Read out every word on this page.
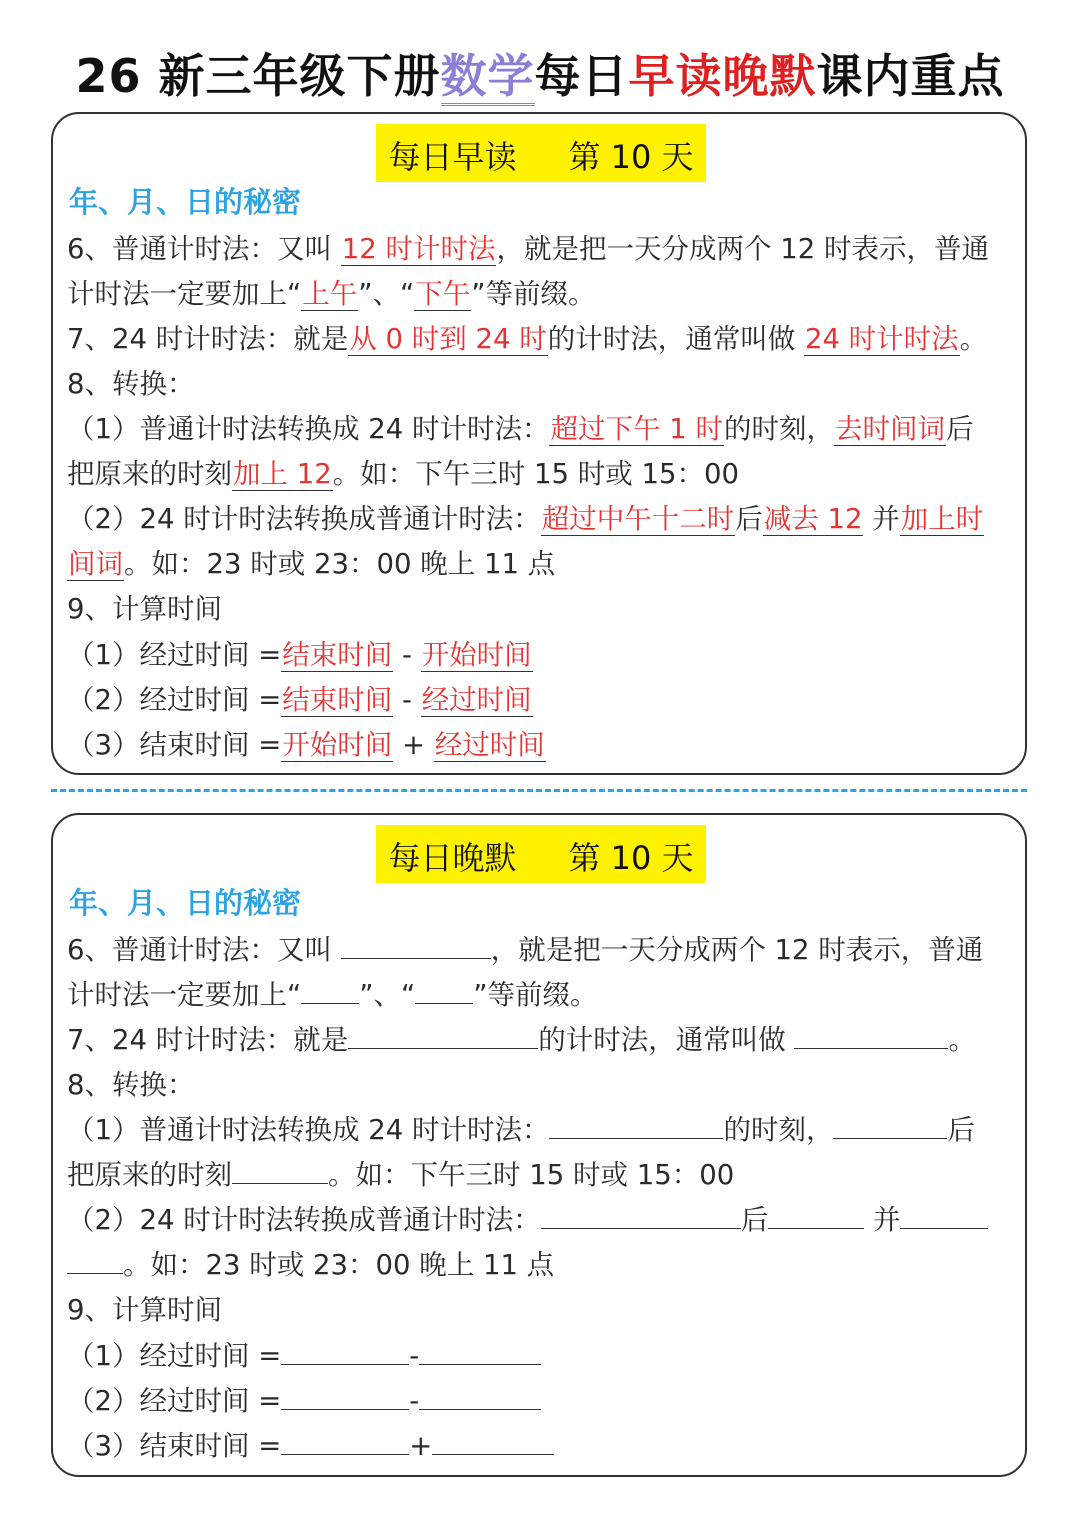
26 新三年级下册数学每日早读晚默课内重点
每日早读 第 10 天
年、月、日的秘密
6、普通计时法：又叫 12 时计时法，就是把一天分成两个 12 时表示，普通
计时法一定要加上“上午”、“下午”等前缀。
7、24 时计时法：就是从 0 时到 24 时的计时法，通常叫做 24 时计时法。
8、转换：
（1）普通计时法转换成 24 时计时法：超过下午 1 时的时刻，去时间词后
把原来的时刻加上 12。如：下午三时 15 时或 15：00
（2）24 时计时法转换成普通计时法：超过中午十二时后减去 12 并加上时
间词。如：23 时或 23：00 晚上 11 点
9、计算时间
（1）经过时间 =结束时间 - 开始时间
（2）经过时间 =结束时间 - 经过时间
（3）结束时间 =开始时间 + 经过时间
每日晚默 第 10 天
年、月、日的秘密
6、普通计时法：又叫	，就是把一天分成两个 12 时表示，普通
计时法一定要加上“ ”、“ ”等前缀。
7、24 时计时法：就是	的计时法，通常叫做	。
8、转换：
（1）普通计时法转换成 24 时计时法：	的时刻，	后
把原来的时刻	。如：下午三时 15 时或 15：00
（2）24 时计时法转换成普通计时法：	后	并
。如：23 时或 23：00 晚上 11 点
9、计算时间
（1）经过时间 =	-
（2）经过时间 =	-
（3）结束时间 =	+
